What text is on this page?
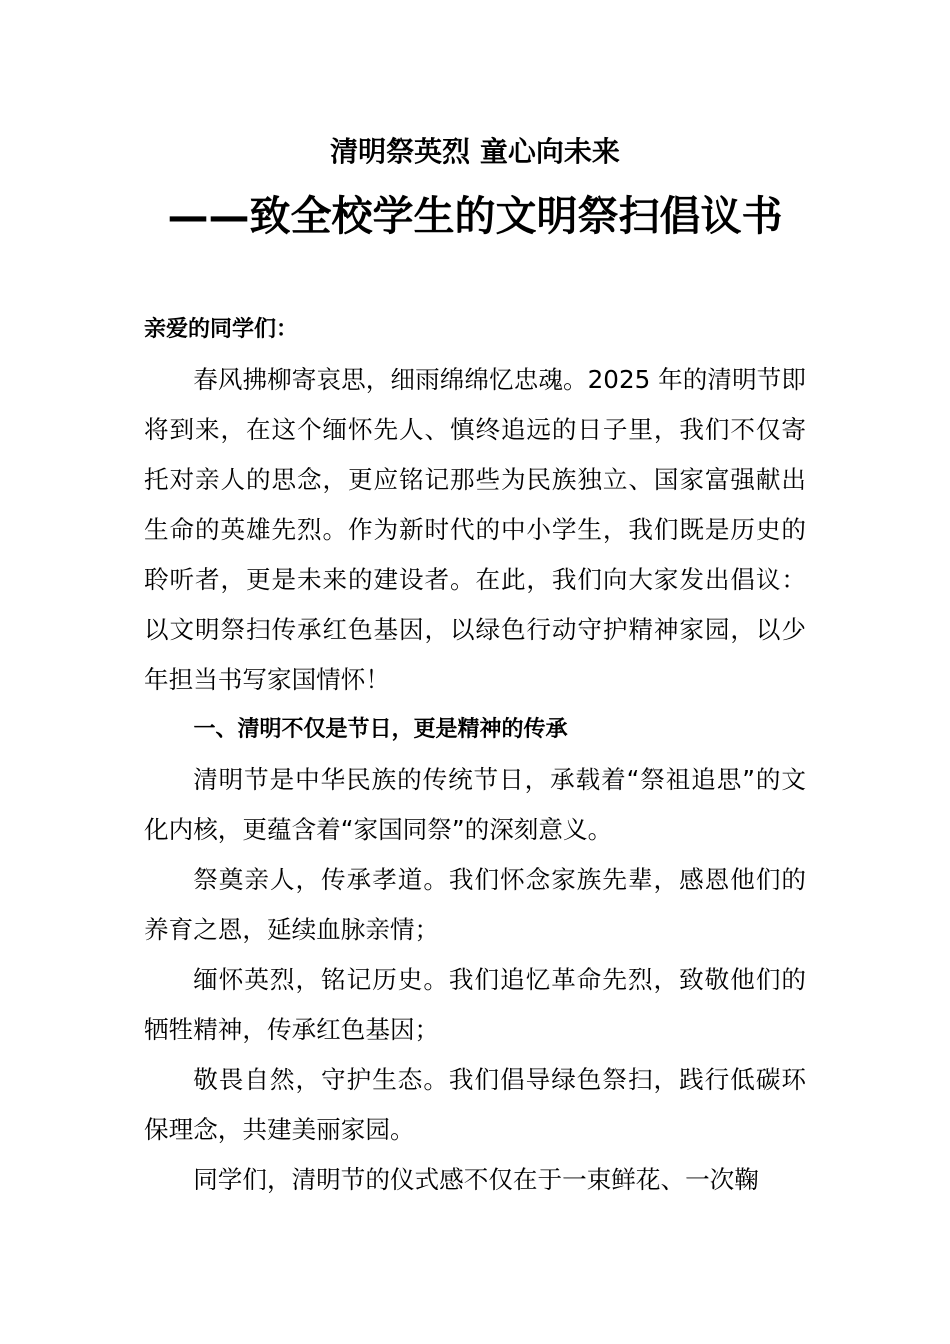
清明祭英烈 童心向未来
——致全校学生的文明祭扫倡议书

亲爱的同学们：

春风拂柳寄哀思，细雨绵绵忆忠魂。2025 年的清明节即将到来，在这个缅怀先人、慎终追远的日子里，我们不仅寄托对亲人的思念，更应铭记那些为民族独立、国家富强献出生命的英雄先烈。作为新时代的中小学生，我们既是历史的聆听者，更是未来的建设者。在此，我们向大家发出倡议：以文明祭扫传承红色基因，以绿色行动守护精神家园，以少年担当书写家国情怀！

一、清明不仅是节日，更是精神的传承

清明节是中华民族的传统节日，承载着“祭祖追思”的文化内核，更蕴含着“家国同祭”的深刻意义。

祭奠亲人，传承孝道。我们怀念家族先辈，感恩他们的养育之恩，延续血脉亲情；

缅怀英烈，铭记历史。我们追忆革命先烈，致敬他们的牺牲精神，传承红色基因；

敬畏自然，守护生态。我们倡导绿色祭扫，践行低碳环保理念，共建美丽家园。

同学们，清明节的仪式感不仅在于一束鲜花、一次鞠
